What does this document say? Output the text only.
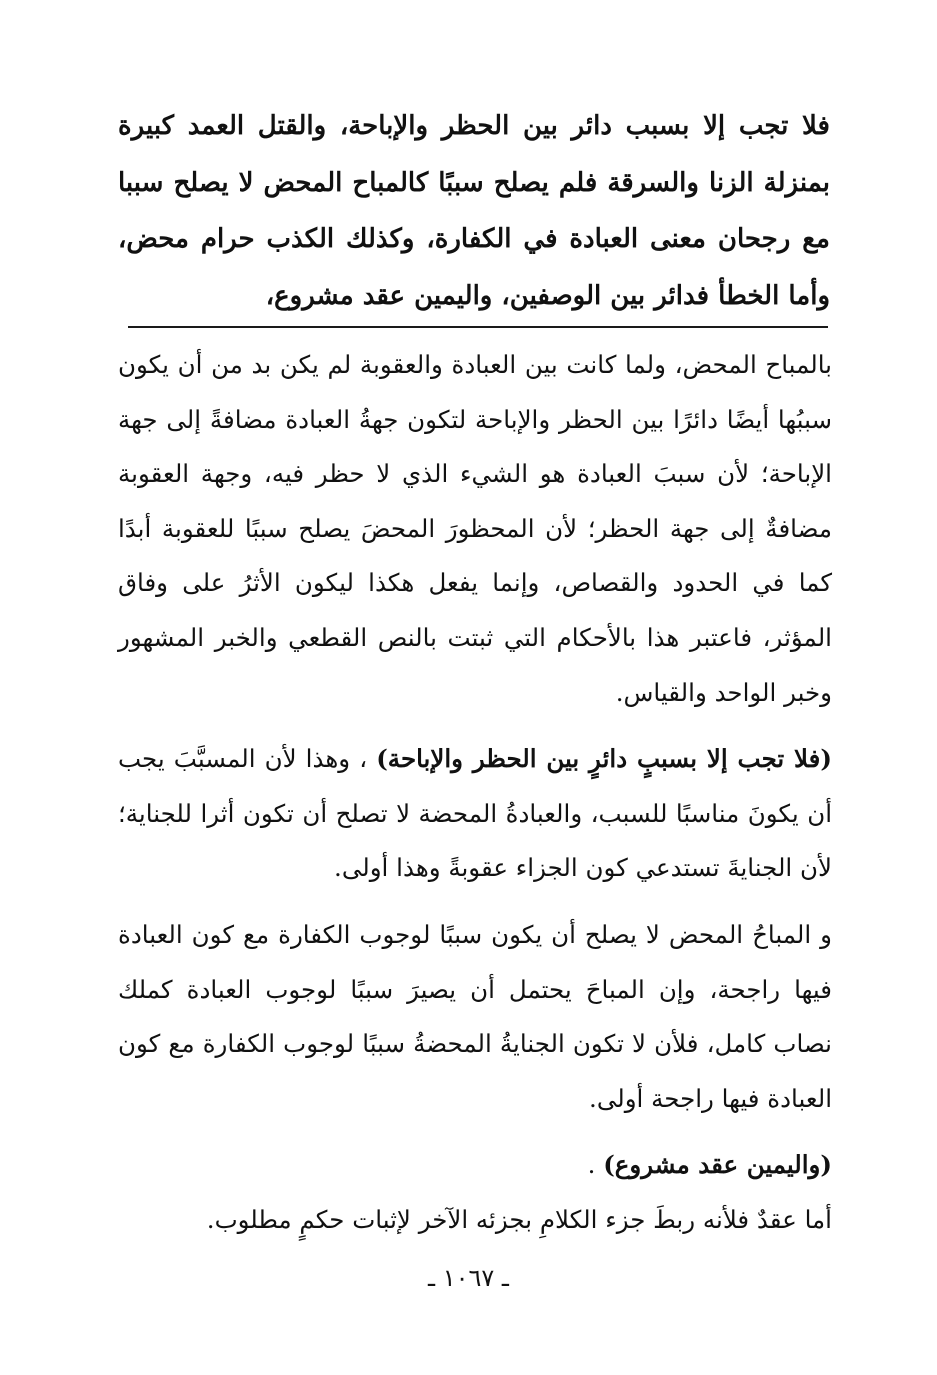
فلا تجب إلا بسبب دائر بين الحظر والإباحة، والقتل العمد كبيرة بمنزلة الزنا والسرقة فلم يصلح سببًا كالمباح المحض لا يصلح سببا مع رجحان معنى العبادة في الكفارة، وكذلك الكذب حرام محض، وأما الخطأ فدائر بين الوصفين، واليمين عقد مشروع،

بالمباح المحض، ولما كانت بين العبادة والعقوبة لم يكن بد من أن يكون سببُها أيضًا دائرًا بين الحظر والإباحة لتكون جهةُ العبادة مضافةً إلى جهة الإباحة؛ لأن سببَ العبادة هو الشيء الذي لا حظر فيه، وجهة العقوبة مضافةٌ إلى جهة الحظر؛ لأن المحظورَ المحضَ يصلح سببًا للعقوبة أبدًا كما في الحدود والقصاص، وإنما يفعل هكذا ليكون الأثرُ على وفاق المؤثر، فاعتبر هذا بالأحكام التي ثبتت بالنص القطعي والخبر المشهور وخبر الواحد والقياس.

(فلا تجب إلا بسببٍ دائرٍ بين الحظر والإباحة) ، وهذا لأن المسبَّبَ يجب أن يكونَ مناسبًا للسبب، والعبادةُ المحضة لا تصلح أن تكون أثرا للجناية؛ لأن الجنايةَ تستدعي كون الجزاء عقوبةً وهذا أولى.

و المباحُ المحض لا يصلح أن يكون سببًا لوجوب الكفارة مع كون العبادة فيها راجحة، وإن المباحَ يحتمل أن يصيرَ سببًا لوجوب العبادة كملك نصاب كامل، فلأن لا تكون الجنايةُ المحضةُ سببًا لوجوب الكفارة مع كون العبادة فيها راجحة أولى.

(واليمين عقد مشروع) .

أما عقدٌ فلأنه ربطَ جزء الكلامِ بجزئه الآخر لإثبات حكمٍ مطلوب.

ـ ١٠٦٧ ـ
